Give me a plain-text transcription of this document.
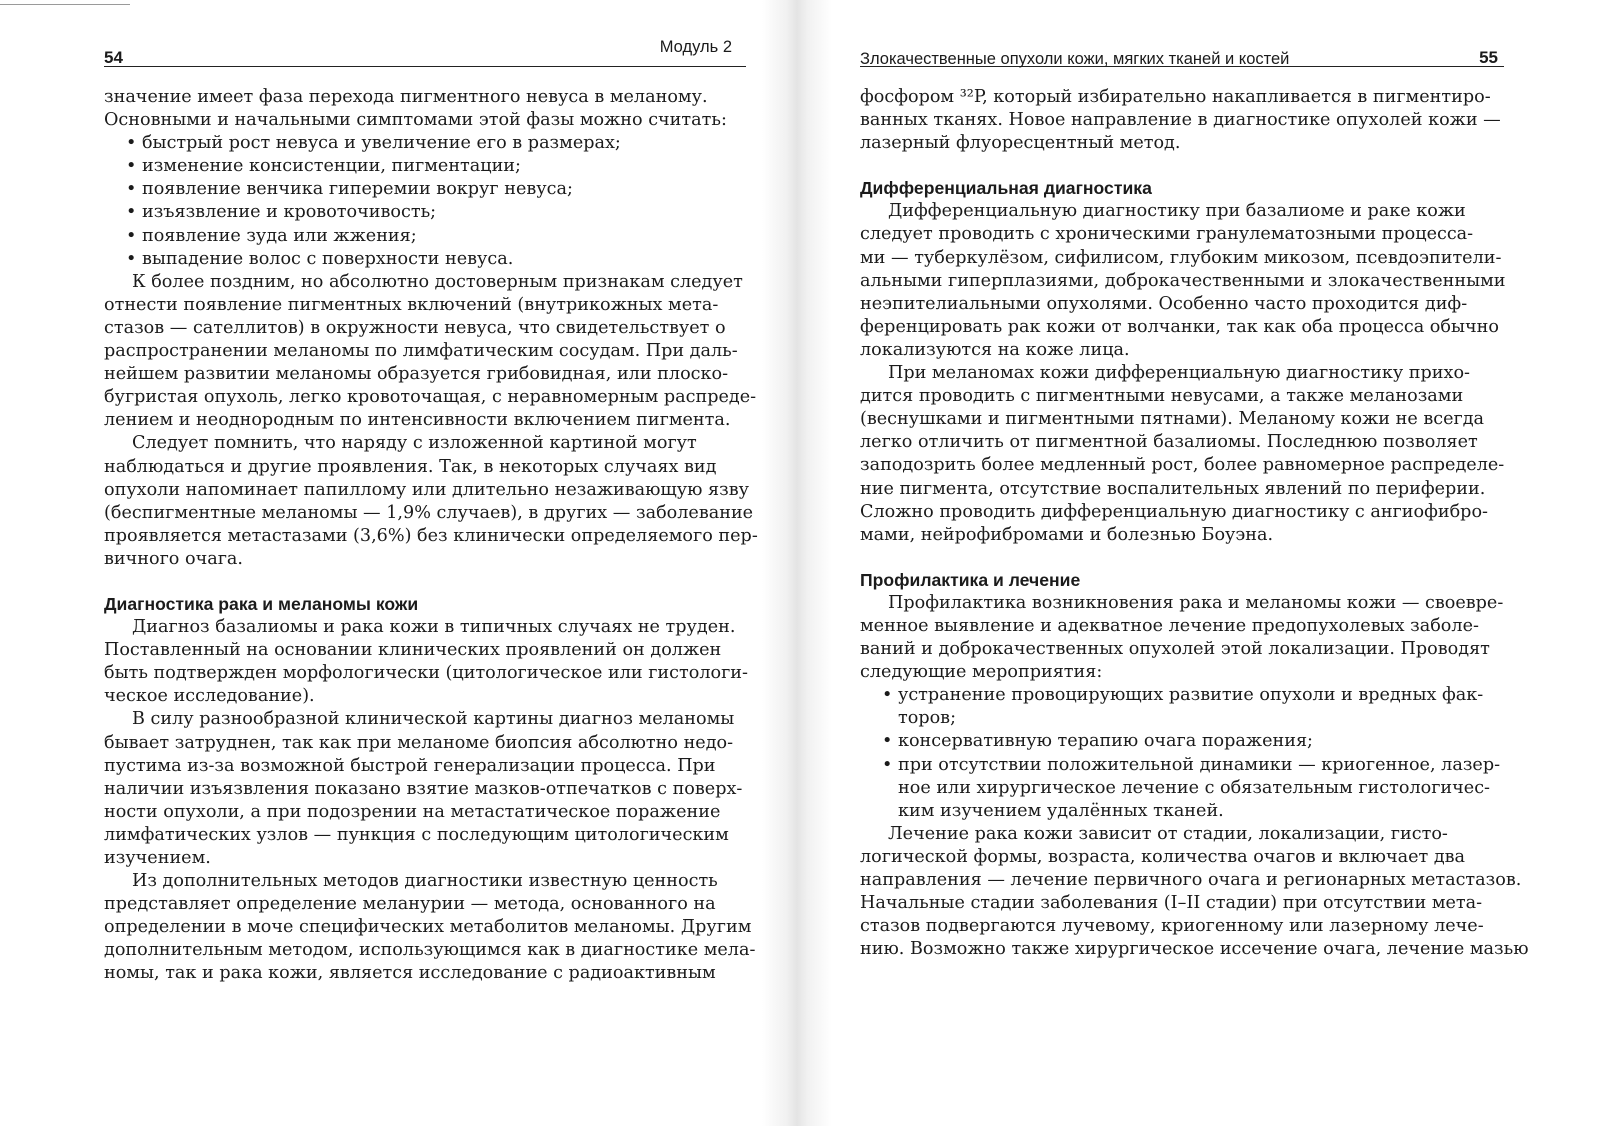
54
Модуль 2
значение имеет фаза перехода пигментного невуса в меланому.
Основными и начальными симптомами этой фазы можно считать:
• быстрый рост невуса и увеличение его в размерах;
• изменение консистенции, пигментации;
• появление венчика гиперемии вокруг невуса;
• изъязвление и кровоточивость;
• появление зуда или жжения;
• выпадение волос с поверхности невуса.
К более поздним, но абсолютно достоверным признакам следует
отнести появление пигментных включений (внутрикожных мета-
стазов — сателлитов) в окружности невуса, что свидетельствует о
распространении меланомы по лимфатическим сосудам. При даль-
нейшем развитии меланомы образуется грибовидная, или плоско-
бугристая опухоль, легко кровоточащая, с неравномерным распреде-
лением и неоднородным по интенсивности включением пигмента.
Следует помнить, что наряду с изложенной картиной могут
наблюдаться и другие проявления. Так, в некоторых случаях вид
опухоли напоминает папиллому или длительно незаживающую язву
(беспигментные меланомы — 1,9% случаев), в других — заболевание
проявляется метастазами (3,6%) без клинически определяемого пер-
вичного очага.
Диагностика рака и меланомы кожи
Диагноз базалиомы и рака кожи в типичных случаях не труден.
Поставленный на основании клинических проявлений он должен
быть подтвержден морфологически (цитологическое или гистологи-
ческое исследование).
В силу разнообразной клинической картины диагноз меланомы
бывает затруднен, так как при меланоме биопсия абсолютно недо-
пустима из-за возможной быстрой генерализации процесса. При
наличии изъязвления показано взятие мазков-отпечатков с поверх-
ности опухоли, а при подозрении на метастатическое поражение
лимфатических узлов — пункция с последующим цитологическим
изучением.
Из дополнительных методов диагностики известную ценность
представляет определение меланурии — метода, основанного на
определении в моче специфических метаболитов меланомы. Другим
дополнительным методом, использующимся как в диагностике мела-
номы, так и рака кожи, является исследование с радиоактивным
Злокачественные опухоли кожи, мягких тканей и костей	55
фосфором ³²P, который избирательно накапливается в пигментиро-
ванных тканях. Новое направление в диагностике опухолей кожи —
лазерный флуоресцентный метод.
Дифференциальная диагностика
Дифференциальную диагностику при базалиоме и раке кожи
следует проводить с хроническими гранулематозными процесса-
ми — туберкулёзом, сифилисом, глубоким микозом, псевдоэпители-
альными гиперплазиями, доброкачественными и злокачественными
неэпителиальными опухолями. Особенно часто проходится диф-
ференцировать рак кожи от волчанки, так как оба процесса обычно
локализуются на коже лица.
При меланомах кожи дифференциальную диагностику прихо-
дится проводить с пигментными невусами, а также меланозами
(веснушками и пигментными пятнами). Меланому кожи не всегда
легко отличить от пигментной базалиомы. Последнюю позволяет
заподозрить более медленный рост, более равномерное распределе-
ние пигмента, отсутствие воспалительных явлений по периферии.
Сложно проводить дифференциальную диагностику с ангиофибро-
мами, нейрофибромами и болезнью Боуэна.
Профилактика и лечение
Профилактика возникновения рака и меланомы кожи — своевре-
менное выявление и адекватное лечение предопухолевых заболе-
ваний и доброкачественных опухолей этой локализации. Проводят
следующие мероприятия:
• устранение провоцирующих развитие опухоли и вредных фак-
торов;
• консервативную терапию очага поражения;
• при отсутствии положительной динамики — криогенное, лазер-
ное или хирургическое лечение с обязательным гистологичес-
ким изучением удалённых тканей.
Лечение рака кожи зависит от стадии, локализации, гисто-
логической формы, возраста, количества очагов и включает два
направления — лечение первичного очага и регионарных метастазов.
Начальные стадии заболевания (I–II стадии) при отсутствии мета-
стазов подвергаются лучевому, криогенному или лазерному лече-
нию. Возможно также хирургическое иссечение очага, лечение мазью
